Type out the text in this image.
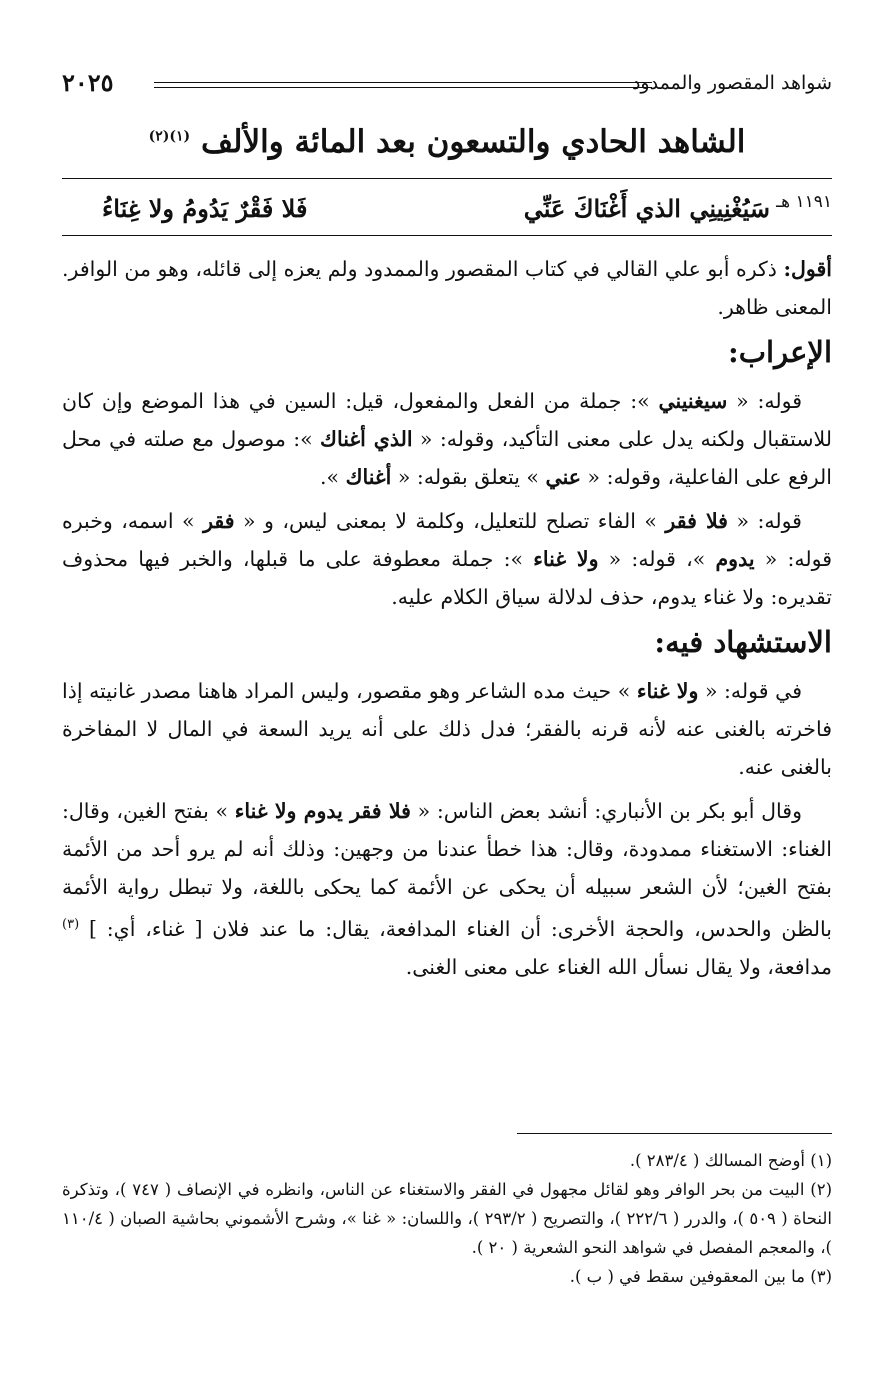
شواهد المقصور والممدود
٢٠٢٥
الشاهد الحادي والتسعون بعد المائة والألف $^{(١)(٢)}$
١١٩١ هـ
سَيُغْنِينِي الذي أَغْنَاكَ عَنِّي
فَلا فَقْرٌ يَدُومُ ولا غِنَاءُ

أقول: ذكره أبو علي القالي في كتاب المقصور والممدود ولم يعزه إلى قائله، وهو من الوافر. المعنى ظاهر.

الإعراب:

قوله: « سيغنيني »: جملة من الفعل والمفعول، قيل: السين في هذا الموضع وإن كان للاستقبال ولكنه يدل على معنى التأكيد، وقوله: « الذي أغناك »: موصول مع صلته في محل الرفع على الفاعلية، وقوله: « عني » يتعلق بقوله: « أغناك ».

قوله: « فلا فقر » الفاء تصلح للتعليل، وكلمة لا بمعنى ليس، و « فقر » اسمه، وخبره قوله: « يدوم »، قوله: « ولا غناء »: جملة معطوفة على ما قبلها، والخبر فيها محذوف تقديره: ولا غناء يدوم، حذف لدلالة سياق الكلام عليه.

الاستشهاد فيه:

في قوله: « ولا غناء » حيث مده الشاعر وهو مقصور، وليس المراد هاهنا مصدر غانيته إذا فاخرته بالغنى عنه لأنه قرنه بالفقر؛ فدل ذلك على أنه يريد السعة في المال لا المفاخرة بالغنى عنه.

وقال أبو بكر بن الأنباري: أنشد بعض الناس: « فلا فقر يدوم ولا غناء » بفتح الغين، وقال: الغناء: الاستغناء ممدودة، وقال: هذا خطأ عندنا من وجهين: وذلك أنه لم يرو أحد من الأئمة بفتح الغين؛ لأن الشعر سبيله أن يحكى عن الأئمة كما يحكى باللغة، ولا تبطل رواية الأئمة بالظن والحدس، والحجة الأخرى: أن الغناء المدافعة، يقال: ما عند فلان [ غناء، أي: ] $^{(٣)}$ مدافعة، ولا يقال نسأل الله الغناء على معنى الغنى.

(١) أوضح المسالك ( ٢٨٣/٤ ).

(٢) البيت من بحر الوافر وهو لقائل مجهول في الفقر والاستغناء عن الناس، وانظره في الإنصاف ( ٧٤٧ )، وتذكرة النحاة ( ٥٠٩ )، والدرر ( ٢٢٢/٦ )، والتصريح ( ٢٩٣/٢ )، واللسان: « غنا »، وشرح الأشموني بحاشية الصبان ( ١١٠/٤ )، والمعجم المفصل في شواهد النحو الشعرية ( ٢٠ ).

(٣) ما بين المعقوفين سقط في ( ب ).
